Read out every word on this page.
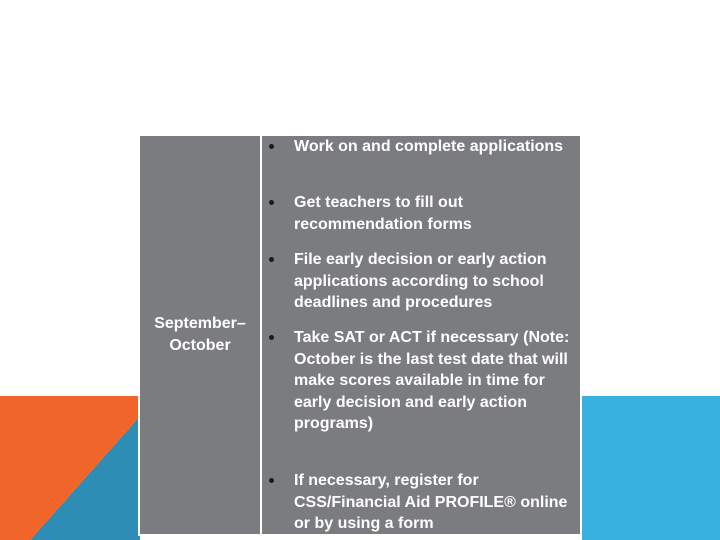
September–October
Work on and complete applications
Get teachers to fill out recommendation forms
File early decision or early action applications according to school deadlines and procedures
Take SAT or ACT if necessary (Note: October is the last test date that will make scores available in time for early decision and early action programs)
If necessary, register for CSS/Financial Aid PROFILE® online or by using a form
